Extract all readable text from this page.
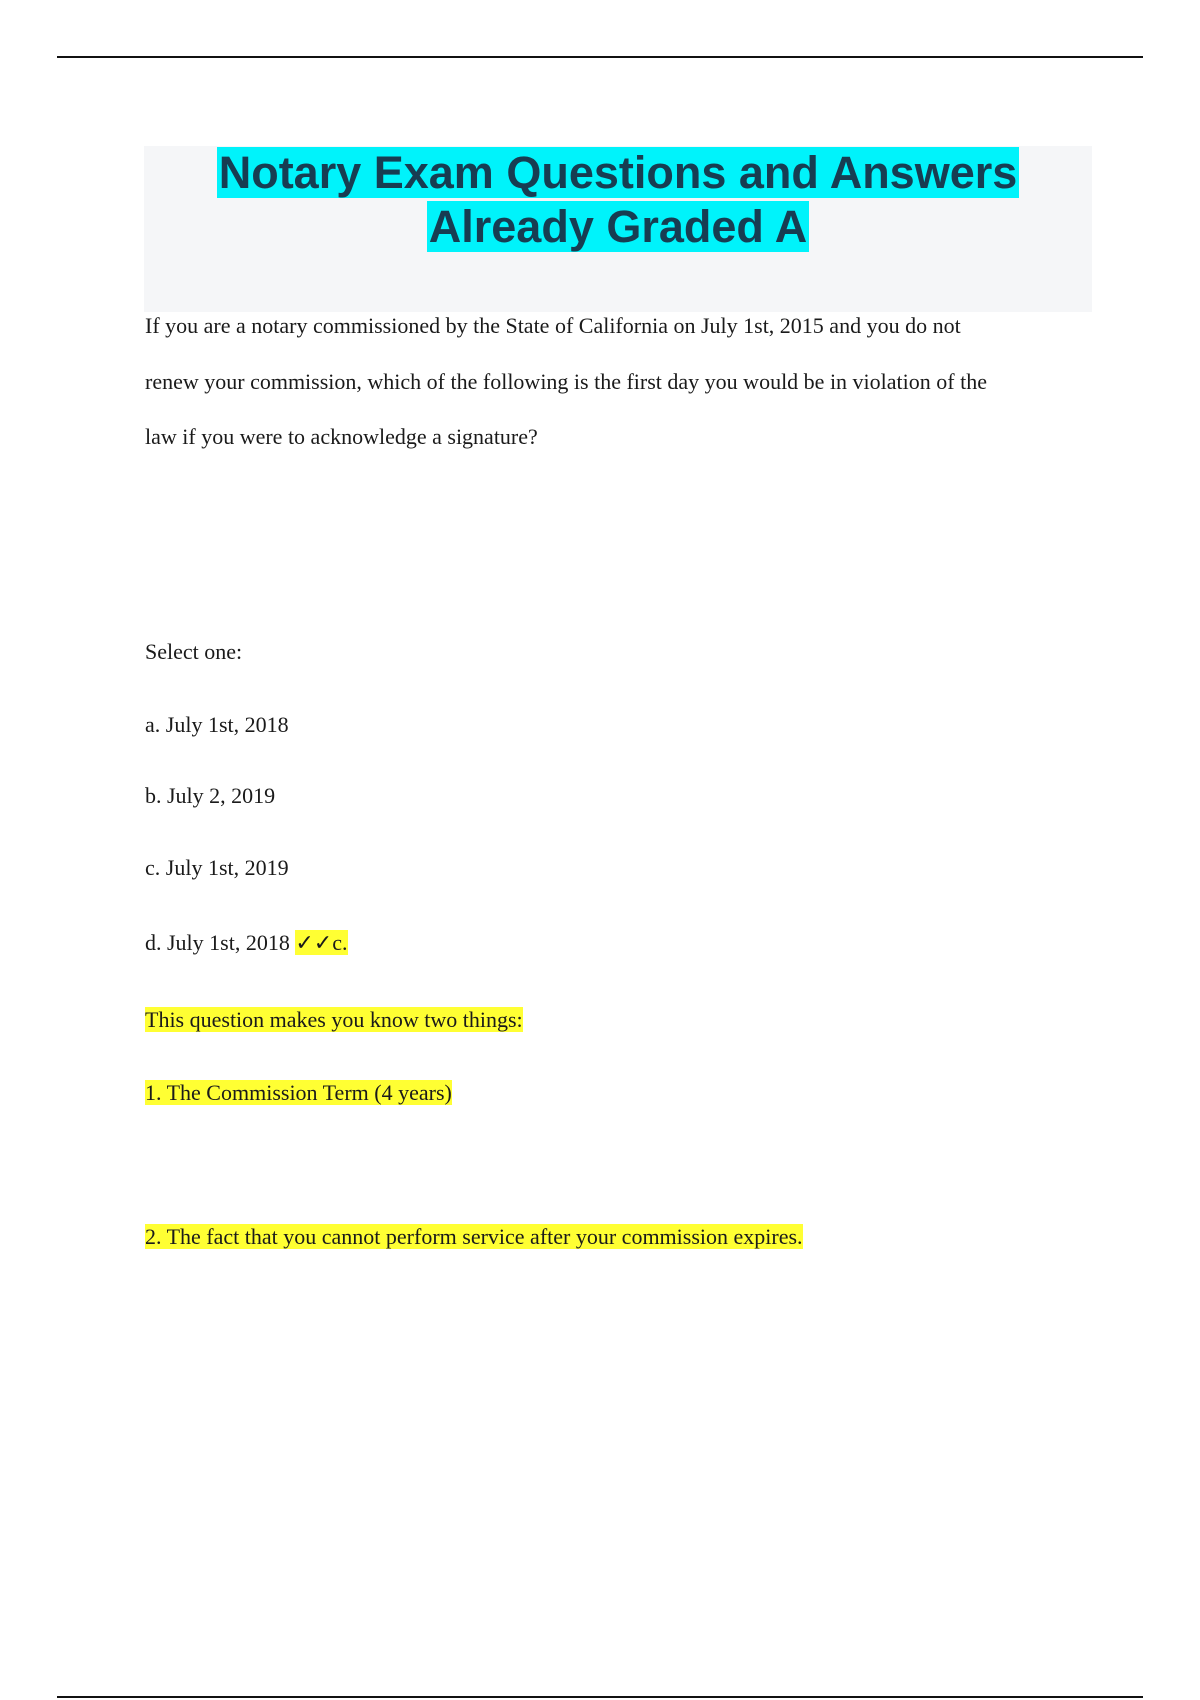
Notary Exam Questions and Answers
Already Graded A
If you are a notary commissioned by the State of California on July 1st, 2015 and you do not
renew your commission, which of the following is the first day you would be in violation of the
law if you were to acknowledge a signature?
Select one:
a. July 1st, 2018
b. July 2, 2019
c. July 1st, 2019
d. July 1st, 2018 ✓✓c.
This question makes you know two things:
1. The Commission Term (4 years)
2. The fact that you cannot perform service after your commission expires.
